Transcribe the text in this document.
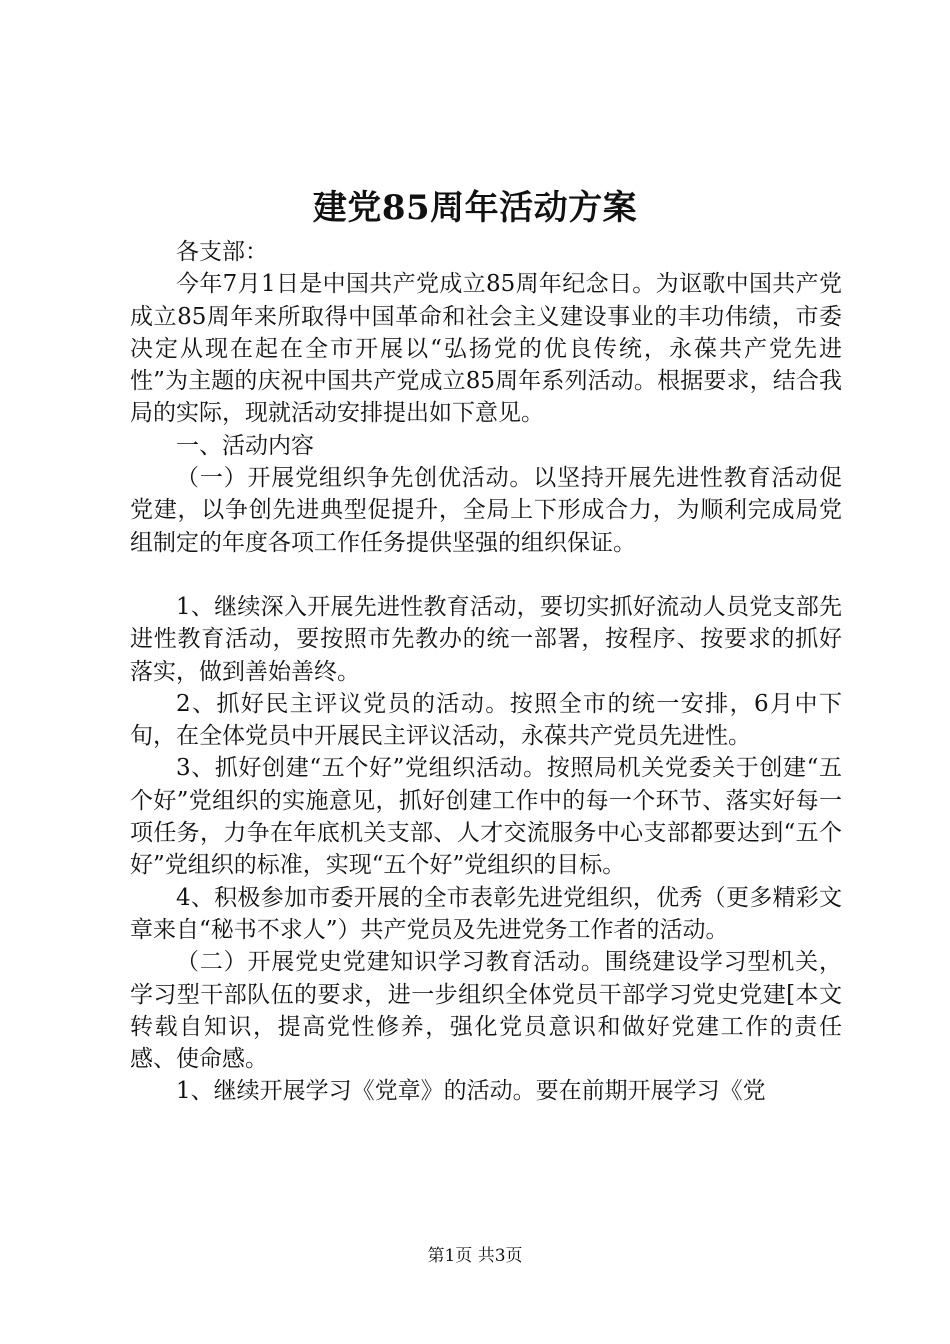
建党85周年活动方案

各支部：

今年7月1日是中国共产党成立85周年纪念日。为讴歌中国共产党成立85周年来所取得中国革命和社会主义建设事业的丰功伟绩，市委决定从现在起在全市开展以“弘扬党的优良传统，永葆共产党先进性”为主题的庆祝中国共产党成立85周年系列活动。根据要求，结合我局的实际，现就活动安排提出如下意见。

一、活动内容

（一）开展党组织争先创优活动。以坚持开展先进性教育活动促党建，以争创先进典型促提升，全局上下形成合力，为顺利完成局党组制定的年度各项工作任务提供坚强的组织保证。

1、继续深入开展先进性教育活动，要切实抓好流动人员党支部先进性教育活动，要按照市先教办的统一部署，按程序、按要求的抓好落实，做到善始善终。

2、抓好民主评议党员的活动。按照全市的统一安排，6月中下旬，在全体党员中开展民主评议活动，永葆共产党员先进性。

3、抓好创建“五个好”党组织活动。按照局机关党委关于创建“五个好”党组织的实施意见，抓好创建工作中的每一个环节、落实好每一项任务，力争在年底机关支部、人才交流服务中心支部都要达到“五个好”党组织的标准，实现“五个好”党组织的目标。

4、积极参加市委开展的全市表彰先进党组织，优秀（更多精彩文章来自“秘书不求人”）共产党员及先进党务工作者的活动。

（二）开展党史党建知识学习教育活动。围绕建设学习型机关，学习型干部队伍的要求，进一步组织全体党员干部学习党史党建[本文转载自知识，提高党性修养，强化党员意识和做好党建工作的责任感、使命感。

1、继续开展学习《党章》的活动。要在前期开展学习《党

第1页 共3页
